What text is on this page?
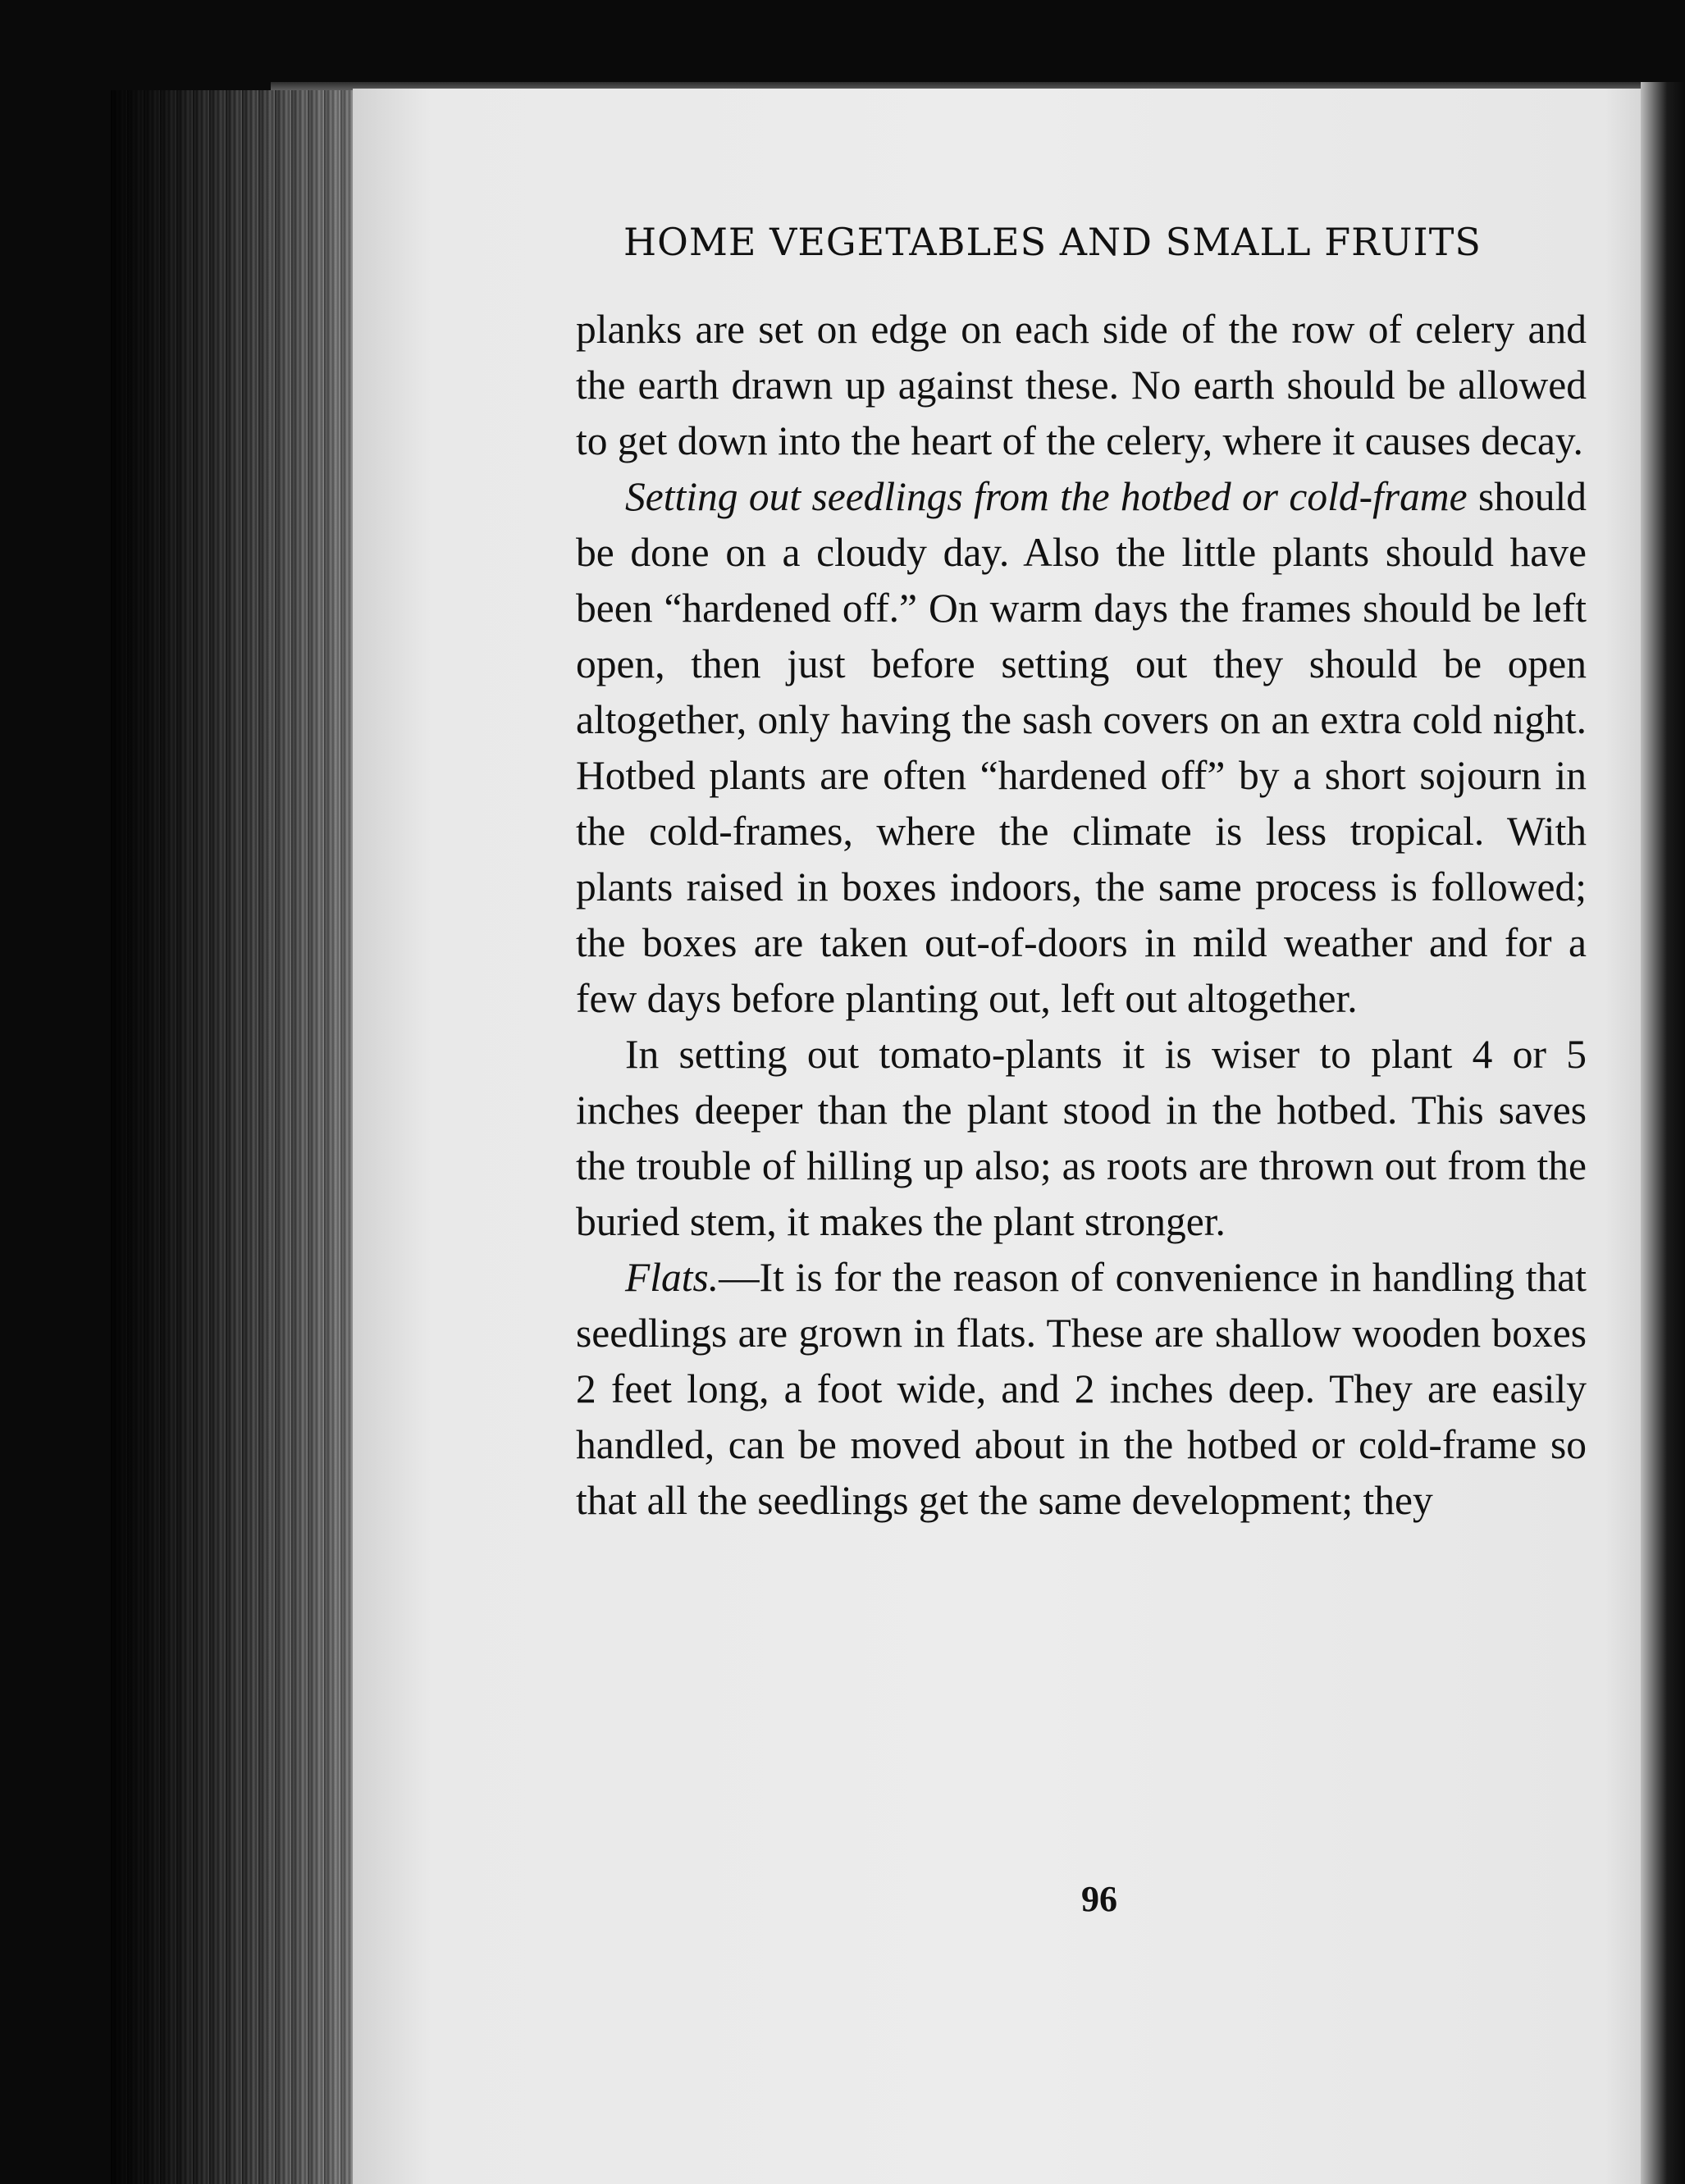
HOME VEGETABLES AND SMALL FRUITS

planks are set on edge on each side of the row of celery and the earth drawn up against these. No earth should be allowed to get down into the heart of the celery, where it causes decay.

Setting out seedlings from the hotbed or cold-frame should be done on a cloudy day. Also the little plants should have been “hardened off.” On warm days the frames should be left open, then just before setting out they should be open altogether, only having the sash covers on an extra cold night. Hotbed plants are often “hardened off” by a short sojourn in the cold-frames, where the climate is less tropical. With plants raised in boxes indoors, the same process is followed; the boxes are taken out-of-doors in mild weather and for a few days before planting out, left out altogether.

In setting out tomato-plants it is wiser to plant 4 or 5 inches deeper than the plant stood in the hotbed. This saves the trouble of hilling up also; as roots are thrown out from the buried stem, it makes the plant stronger.

Flats.—It is for the reason of convenience in handling that seedlings are grown in flats. These are shallow wooden boxes 2 feet long, a foot wide, and 2 inches deep. They are easily handled, can be moved about in the hotbed or cold-frame so that all the seedlings get the same development; they

96
